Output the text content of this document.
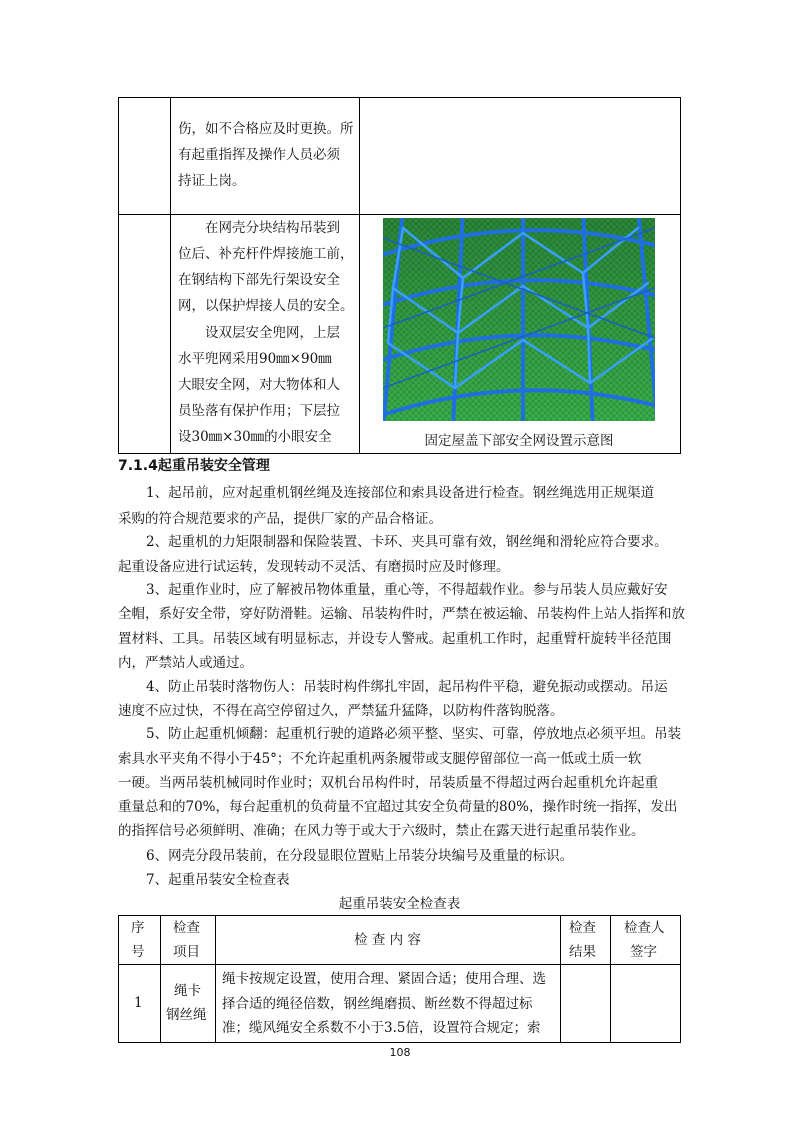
伤，如不合格应及时更换。所
有起重指挥及操作人员必须
持证上岗。
在网壳分块结构吊装到
位后、补充杆件焊接施工前，
在钢结构下部先行架设安全
网，以保护焊接人员的安全。
设双层安全兜网，上层
水平兜网采用90㎜×90㎜
大眼安全网，对大物体和人
员坠落有保护作用；下层拉
设30㎜×30㎜的小眼安全	固定屋盖下部安全网设置示意图
7.1.4起重吊装安全管理
1、起吊前，应对起重机钢丝绳及连接部位和索具设备进行检查。钢丝绳选用正规渠道
采购的符合规范要求的产品，提供厂家的产品合格证。
2、起重机的力矩限制器和保险装置、卡环、夹具可靠有效，钢丝绳和滑轮应符合要求。
起重设备应进行试运转，发现转动不灵活、有磨损时应及时修理。
3、起重作业时，应了解被吊物体重量，重心等，不得超载作业。参与吊装人员应戴好安
全帽，系好安全带，穿好防滑鞋。运输、吊装构件时，严禁在被运输、吊装构件上站人指挥和放
置材料、工具。吊装区域有明显标志，并设专人警戒。起重机工作时，起重臂杆旋转半径范围
内，严禁站人或通过。
4、防止吊装时落物伤人：吊装时构件绑扎牢固，起吊构件平稳，避免振动或摆动。吊运
速度不应过快，不得在高空停留过久，严禁猛升猛降，以防构件落钩脱落。
5、防止起重机倾翻：起重机行驶的道路必须平整、坚实、可靠，停放地点必须平坦。吊装
索具水平夹角不得小于45°；不允许起重机两条履带或支腿停留部位一高一低或土质一软
一硬。当两吊装机械同时作业时；双机台吊构件时，吊装质量不得超过两台起重机允许起重
重量总和的70%，每台起重机的负荷量不宜超过其安全负荷量的80%，操作时统一指挥，发出
的指挥信号必须鲜明、准确；在风力等于或大于六级时，禁止在露天进行起重吊装作业。
6、网壳分段吊装前，在分段显眼位置贴上吊装分块编号及重量的标识。
7、起重吊装安全检查表
起重吊装安全检查表
序
号
检查
项目
检 查 内 容
检查
结果
检查人
签字
1
绳卡
钢丝绳
绳卡按规定设置，使用合理、紧固合适；使用合理、选
择合适的绳径倍数，钢丝绳磨损、断丝数不得超过标
准；缆风绳安全系数不小于3.5倍，设置符合规定；索
108
